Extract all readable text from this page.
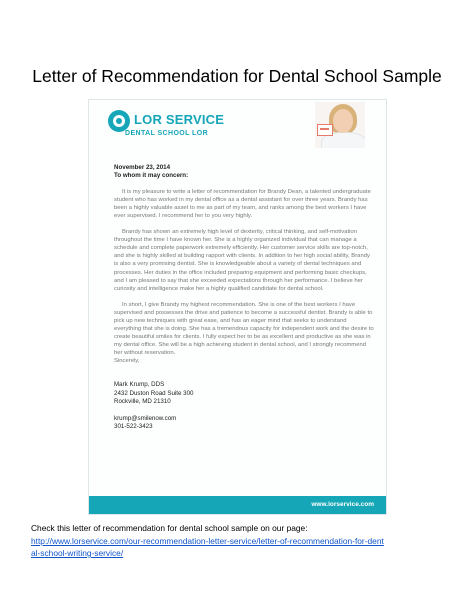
Letter of Recommendation for Dental School Sample
LOR SERVICE
DENTAL SCHOOL LOR
November 23, 2014
To whom it may concern:

It is my pleasure to write a letter of recommendation for Brandy Dean, a talented undergraduate student who has worked in my dental office as a dental assistant for over three years. Brandy has been a highly valuable asset to me as part of my team, and ranks among the best workers I have ever supervised. I recommend her to you very highly.

Brandy has shown an extremely high level of dexterity, critical thinking, and self-motivation throughout the time I have known her. She is a highly organized individual that can manage a schedule and complete paperwork extremely efficiently. Her customer service skills are top-notch, and she is highly skilled at building rapport with clients. In addition to her high social ability, Brandy is also a very promising dentist. She is knowledgeable about a variety of dental techniques and processes. Her duties in the office included preparing equipment and performing basic checkups, and I am pleased to say that she exceeded expectations through her performance. I believe her curiosity and intelligence make her a highly qualified candidate for dental school.

In short, I give Brandy my highest recommendation. She is one of the best workers I have supervised and possesses the drive and patience to become a successful dentist. Brandy is able to pick up new techniques with great ease, and has an eager mind that seeks to understand everything that she is doing. She has a tremendous capacity for independent work and the desire to create beautiful smiles for clients. I fully expect her to be as excellent and productive as she was in my dental office. She will be a high achieving student in dental school, and I strongly recommend her without reservation.

Sincerely,
Mark Krump, DDS
2432 Duston Road Suite 300
Rockville, MD 21310
krump@smilenow.com
301-522-3423
www.lorservice.com
Check this letter of recommendation for dental school sample on our page:
http://www.lorservice.com/our-recommendation-letter-service/letter-of-recommendation-for-dent
al-school-writing-service/
